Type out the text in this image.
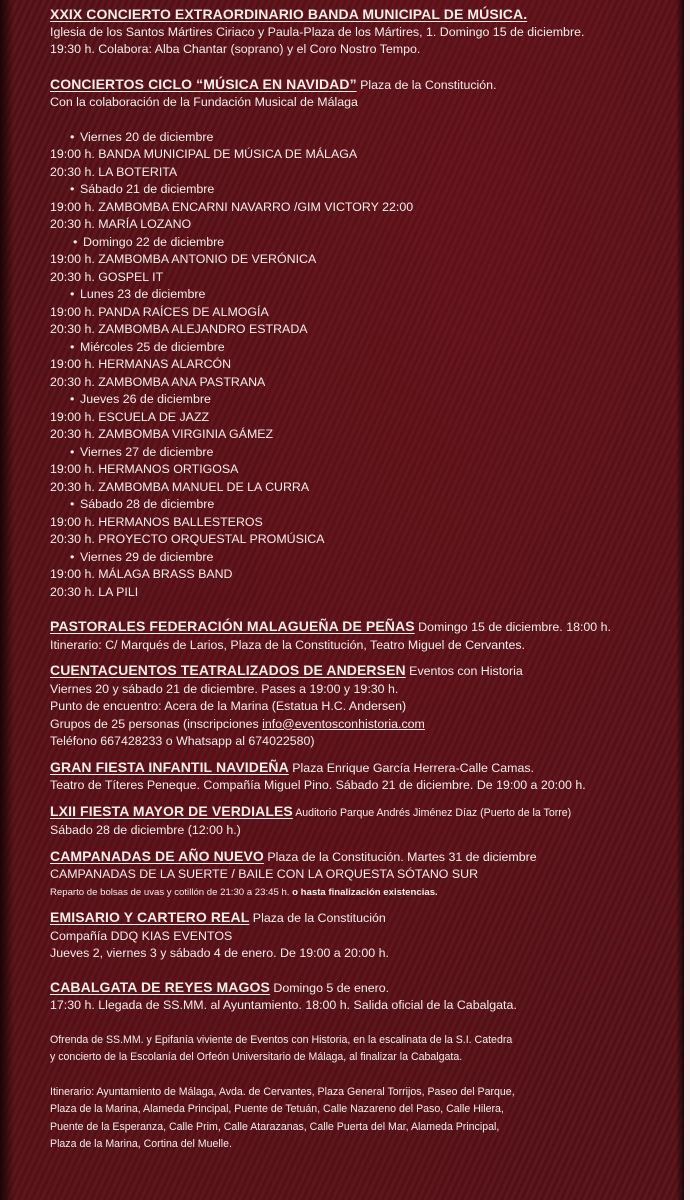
XXIX CONCIERTO EXTRAORDINARIO BANDA MUNICIPAL DE MÚSICA.
Iglesia de los Santos Mártires Ciriaco y Paula-Plaza de los Mártires, 1. Domingo 15 de diciembre.
19:30 h. Colabora: Alba Chantar (soprano) y el Coro Nostro Tempo.
CONCIERTOS CICLO “MÚSICA EN NAVIDAD” Plaza de la Constitución.
Con la colaboración de la Fundación Musical de Málaga
• Viernes 20 de diciembre
19:00 h. BANDA MUNICIPAL DE MÚSICA DE MÁLAGA
20:30 h. LA BOTERITA
• Sábado 21 de diciembre
19:00 h. ZAMBOMBA ENCARNI NAVARRO /GIM VICTORY 22:00
20:30 h. MARÍA LOZANO
• Domingo 22 de diciembre
19:00 h. ZAMBOMBA ANTONIO DE VERÓNICA
20:30 h. GOSPEL IT
• Lunes 23 de diciembre
19:00 h. PANDA RAÍCES DE ALMOGÍA
20:30 h. ZAMBOMBA ALEJANDRO ESTRADA
• Miércoles 25 de diciembre
19:00 h. HERMANAS ALARCÓN
20:30 h. ZAMBOMBA ANA PASTRANA
• Jueves 26 de diciembre
19:00 h. ESCUELA DE JAZZ
20:30 h. ZAMBOMBA VIRGINIA GÁMEZ
• Viernes 27 de diciembre
19:00 h. HERMANOS ORTIGOSA
20:30 h. ZAMBOMBA MANUEL DE LA CURRA
• Sábado 28 de diciembre
19:00 h. HERMANOS BALLESTEROS
20:30 h. PROYECTO ORQUESTAL PROMÚSICA
• Viernes 29 de diciembre
19:00 h. MÁLAGA BRASS BAND
20:30 h. LA PILI
PASTORALES FEDERACIÓN MALAGUEÑA DE PEÑAS Domingo 15 de diciembre. 18:00 h.
Itinerario: C/ Marqués de Larios, Plaza de la Constitución, Teatro Miguel de Cervantes.
CUENTACUENTOS TEATRALIZADOS DE ANDERSEN Eventos con Historia
Viernes 20 y sábado 21 de diciembre. Pases a 19:00 y 19:30 h.
Punto de encuentro: Acera de la Marina (Estatua H.C. Andersen)
Grupos de 25 personas (inscripciones info@eventosconhistoria.com
Teléfono 667428233 o Whatsapp al 674022580)
GRAN FIESTA INFANTIL NAVIDEÑA Plaza Enrique García Herrera-Calle Camas.
Teatro de Títeres Peneque. Compañía Miguel Pino. Sábado 21 de diciembre. De 19:00 a 20:00 h.
LXII FIESTA MAYOR DE VERDIALES Auditorio Parque Andrés Jiménez Díaz (Puerto de la Torre)
Sábado 28 de diciembre (12:00 h.)
CAMPANADAS DE AÑO NUEVO Plaza de la Constitución. Martes 31 de diciembre
CAMPANADAS DE LA SUERTE / BAILE CON LA ORQUESTA SÓTANO SUR
Reparto de bolsas de uvas y cotillón de 21:30 a 23:45 h. o hasta finalización existencias.
EMISARIO Y CARTERO REAL Plaza de la Constitución
Compañía DDQ KIAS EVENTOS
Jueves 2, viernes 3 y sábado 4 de enero. De 19:00 a 20:00 h.
CABALGATA DE REYES MAGOS Domingo 5 de enero.
17:30 h. Llegada de SS.MM. al Ayuntamiento. 18:00 h. Salida oficial de la Cabalgata.
Ofrenda de SS.MM. y Epifanía viviente de Eventos con Historia, en la escalinata de la S.I. Catedra
y concierto de la Escolanía del Orfeón Universitario de Málaga, al finalizar la Cabalgata.
Itinerario: Ayuntamiento de Málaga, Avda. de Cervantes, Plaza General Torrijos, Paseo del Parque,
Plaza de la Marina, Alameda Principal, Puente de Tetuán, Calle Nazareno del Paso, Calle Hilera,
Puente de la Esperanza, Calle Prim, Calle Atarazanas, Calle Puerta del Mar, Alameda Principal,
Plaza de la Marina, Cortina del Muelle.
